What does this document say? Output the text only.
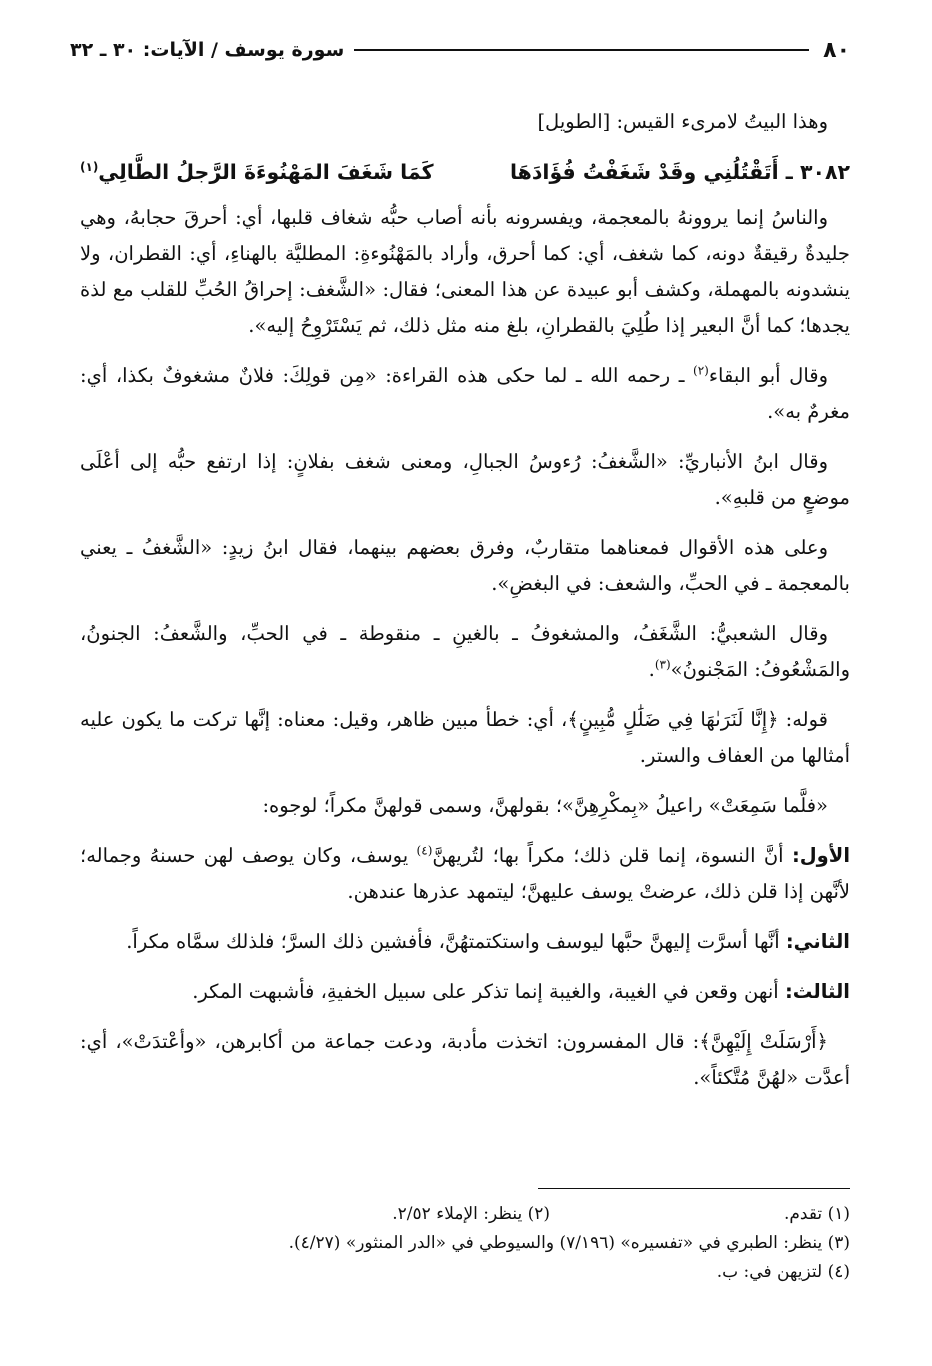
٨٠
سورة يوسف / الآيات: ٣٠ ـ ٣٢

وهذا البيتُ لامرىء القيس: [الطويل]

٣٠٨٢ ـ أَتَقْتُلُنِي وقَدْ شَغَفْتُ فُؤَادَهَا
كَمَا شَغَفَ المَهْنُوءَةَ الرَّجلُ الطَّالِي$^{(١)}$

والناسُ إنما يروونهُ بالمعجمة، ويفسرونه بأنه أصاب حبُّه شغاف قلبها، أي: أحرقَ حجابهُ، وهي جليدةٌ رقيقةٌ دونه، كما شغف، أي: كما أحرق، وأراد بالمَهْنُوءةِ: المطليَّة بالهناءِ، أي: القطران، ولا ينشدونه بالمهملة، وكشف أبو عبيدة عن هذا المعنى؛ فقال: «الشَّغف: إحراقُ الحُبِّ للقلب مع لذة يجدها؛ كما أنَّ البعير إذا طُلِيَ بالقطرانِ، بلغ منه مثل ذلك، ثم يَسْتَرْوِحُ إليه».

وقال أبو البقاء$^{(٢)}$ ـ رحمه الله ـ لما حكى هذه القراءة: «مِن قولِكَ: فلانٌ مشغوفٌ بكذا، أي: مغرمٌ به».

وقال ابنُ الأنباريِّ: «الشَّغفُ: رُءوسُ الجبالِ، ومعنى شغف بفلانٍ: إذا ارتفع حبُّه إلى أعْلَى موضعٍ من قلبهِ».

وعلى هذه الأقوال فمعناهما متقاربٌ، وفرق بعضهم بينهما، فقال ابنُ زيدٍ: «الشَّغفُ ـ يعني بالمعجمة ـ في الحبِّ، والشعف: في البغضِ».

وقال الشعبيُّ: الشَّغَفُ، والمشغوفُ ـ بالغينِ ـ منقوطة ـ في الحبِّ، والشَّعفُ: الجنونُ، والمَشْعُوفُ: المَجْنونُ»$^{(٣)}$.

قوله: ﴿إِنَّا لَنَرَىٰهَا فِي ضَلَٰلٍ مُّبِينٍ﴾، أي: خطأ مبين ظاهر، وقيل: معناه: إنَّها تركت ما يكون عليه أمثالها من العفاف والستر.

«فلَّما سَمِعَتْ» راعيلُ «بِمكْرِهِنَّ»؛ بقولهنَّ، وسمى قولهنَّ مكراً؛ لوجوه:

الأول: أنَّ النسوة، إنما قلن ذلك؛ مكراً بها؛ لتُريهنَّ$^{(٤)}$ يوسف، وكان يوصف لهن حسنهُ وجماله؛ لأنَّهن إذا قلن ذلك، عرضتْ يوسف عليهنَّ؛ ليتمهد عذرها عندهن.

الثاني: أنَّها أسرَّت إليهنَّ حبَّها ليوسف واستكتمتهُنَّ، فأفشين ذلك السرَّ؛ فلذلك سمَّاه مكراً.

الثالث: أنهن وقعن في الغيبة، والغيبة إنما تذكر على سبيل الخفيةِ، فأشبهت المكر.

﴿أَرْسَلَتْ إِلَيْهِنَّ﴾: قال المفسرون: اتخذت مأدبة، ودعت جماعة من أكابرهن، «وأعْتدَتْ»، أي: أعدَّت «لهُنَّ مُتَّكئاً».

(١) تقدم.
(٢) ينظر: الإملاء ٢/٥٢.
(٣) ينظر: الطبري في «تفسيره» (٧/١٩٦) والسيوطي في «الدر المنثور» (٤/٢٧).
(٤) لتزيهن في: ب.
